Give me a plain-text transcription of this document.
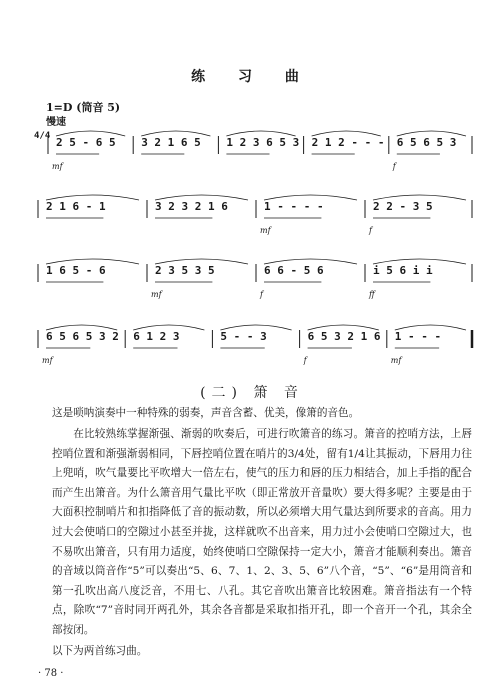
练 习 曲
1=D (筒音 5)
慢速
4/4 2 5 - 6 5
mf
3 2 1 6 5 1 2 3 6 5 3 2 1 2 - - - 6 5 6 5 3
f
2 1 6 - 1	3 2 3 2 1 6	1 - - - -
mf
2 2 - 3 5
f
1 6 5 - 6	2 3 5 3 5
mf
6 6 - 5 6
f
i 5 6 i i
ff
6 5 6 5 3 2
mf
6 1 2 3	5 - - 3	6 5 3 2 1 6
f
1 - - -
mf
(二) 箫 音
这是唢呐演奏中一种特殊的弱奏，声音含蓄、优美，像箫的音色。
在比较熟练掌握渐强、渐弱的吹奏后，可进行吹箫音的练习。箫音的控哨方法，上唇控哨位置和渐强渐弱相同，下唇控哨位置在哨片的3/4处，留有1/4让其振动，下唇用力往上兜哨，吹气量要比平吹增大一倍左右，使气的压力和唇的压力相结合，加上手指的配合而产生出箫音。为什么箫音用气量比平吹（即正常放开音量吹）要大得多呢？主要是由于大面积控制哨片和扣指降低了音的振动数，所以必须增大用气量达到所要求的音高。用力过大会使哨口的空隙过小甚至并拢，这样就吹不出音来，用力过小会使哨口空隙过大，也不易吹出箫音，只有用力适度，始终使哨口空隙保持一定大小，箫音才能顺利奏出。箫音的音域以筒音作“5”可以奏出“5、6、7、1、2、3、5、6”八个音，“5”、“6”是用筒音和第一孔吹出高八度泛音，不用七、八孔。其它音吹出箫音比较困难。箫音指法有一个特点，除吹“7”音时同开两孔外，其余各音都是采取扣指开孔，即一个音开一个孔，其余全部按闭。
以下为两首练习曲。
· 78 ·
